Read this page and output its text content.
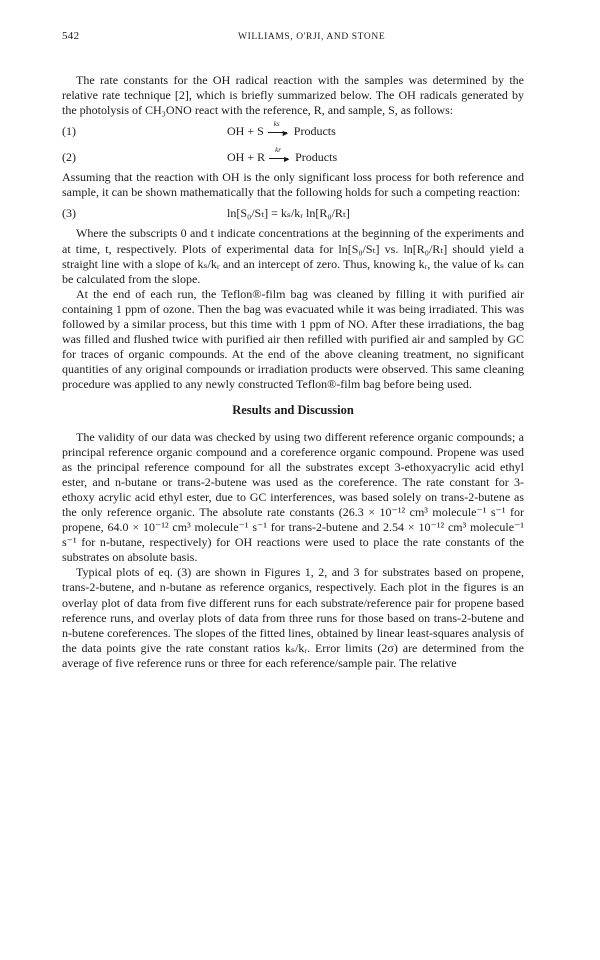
542	WILLIAMS, O'RJI, AND STONE

The rate constants for the OH radical reaction with the samples was determined by the relative rate technique [2], which is briefly summarized below. The OH radicals generated by the photolysis of CH₃ONO react with the reference, R, and sample, S, as follows:

(1)	OH + S ks
► Products
(2)	OH + R kr
► Products

Assuming that the reaction with OH is the only significant loss process for both reference and sample, it can be shown mathematically that the following holds for such a competing reaction:

(3)	ln[S₀/Sₜ] = kₛ/kᵣ ln[R₀/Rₜ]

Where the subscripts 0 and t indicate concentrations at the beginning of the experiments and at time, t, respectively. Plots of experimental data for ln[S₀/Sₜ] vs. ln[R₀/Rₜ] should yield a straight line with a slope of kₛ/kᵣ and an intercept of zero. Thus, knowing kᵣ, the value of kₛ can be calculated from the slope.

At the end of each run, the Teflon®-film bag was cleaned by filling it with purified air containing 1 ppm of ozone. Then the bag was evacuated while it was being irradiated. This was followed by a similar process, but this time with 1 ppm of NO. After these irradiations, the bag was filled and flushed twice with purified air then refilled with purified air and sampled by GC for traces of organic compounds. At the end of the above cleaning treatment, no significant quantities of any original compounds or irradiation products were observed. This same cleaning procedure was applied to any newly constructed Teflon®-film bag before being used.

Results and Discussion

The validity of our data was checked by using two different reference organic compounds; a principal reference organic compound and a coreference organic compound. Propene was used as the principal reference compound for all the substrates except 3-ethoxyacrylic acid ethyl ester, and n-butane or trans-2-butene was used as the coreference. The rate constant for 3-ethoxy acrylic acid ethyl ester, due to GC interferences, was based solely on trans-2-butene as the only reference organic. The absolute rate constants (26.3 × 10⁻¹² cm³ molecule⁻¹ s⁻¹ for propene, 64.0 × 10⁻¹² cm³ molecule⁻¹ s⁻¹ for trans-2-butene and 2.54 × 10⁻¹² cm³ molecule⁻¹ s⁻¹ for n-butane, respectively) for OH reactions were used to place the rate constants of the substrates on absolute basis.

Typical plots of eq. (3) are shown in Figures 1, 2, and 3 for substrates based on propene, trans-2-butene, and n-butane as reference organics, respectively. Each plot in the figures is an overlay plot of data from five different runs for each substrate/reference pair for propene based reference runs, and overlay plots of data from three runs for those based on trans-2-butene and n-butene coreferences. The slopes of the fitted lines, obtained by linear least-squares analysis of the data points give the rate constant ratios kₛ/kᵣ. Error limits (2σ) are determined from the average of five reference runs or three for each reference/sample pair. The relative
